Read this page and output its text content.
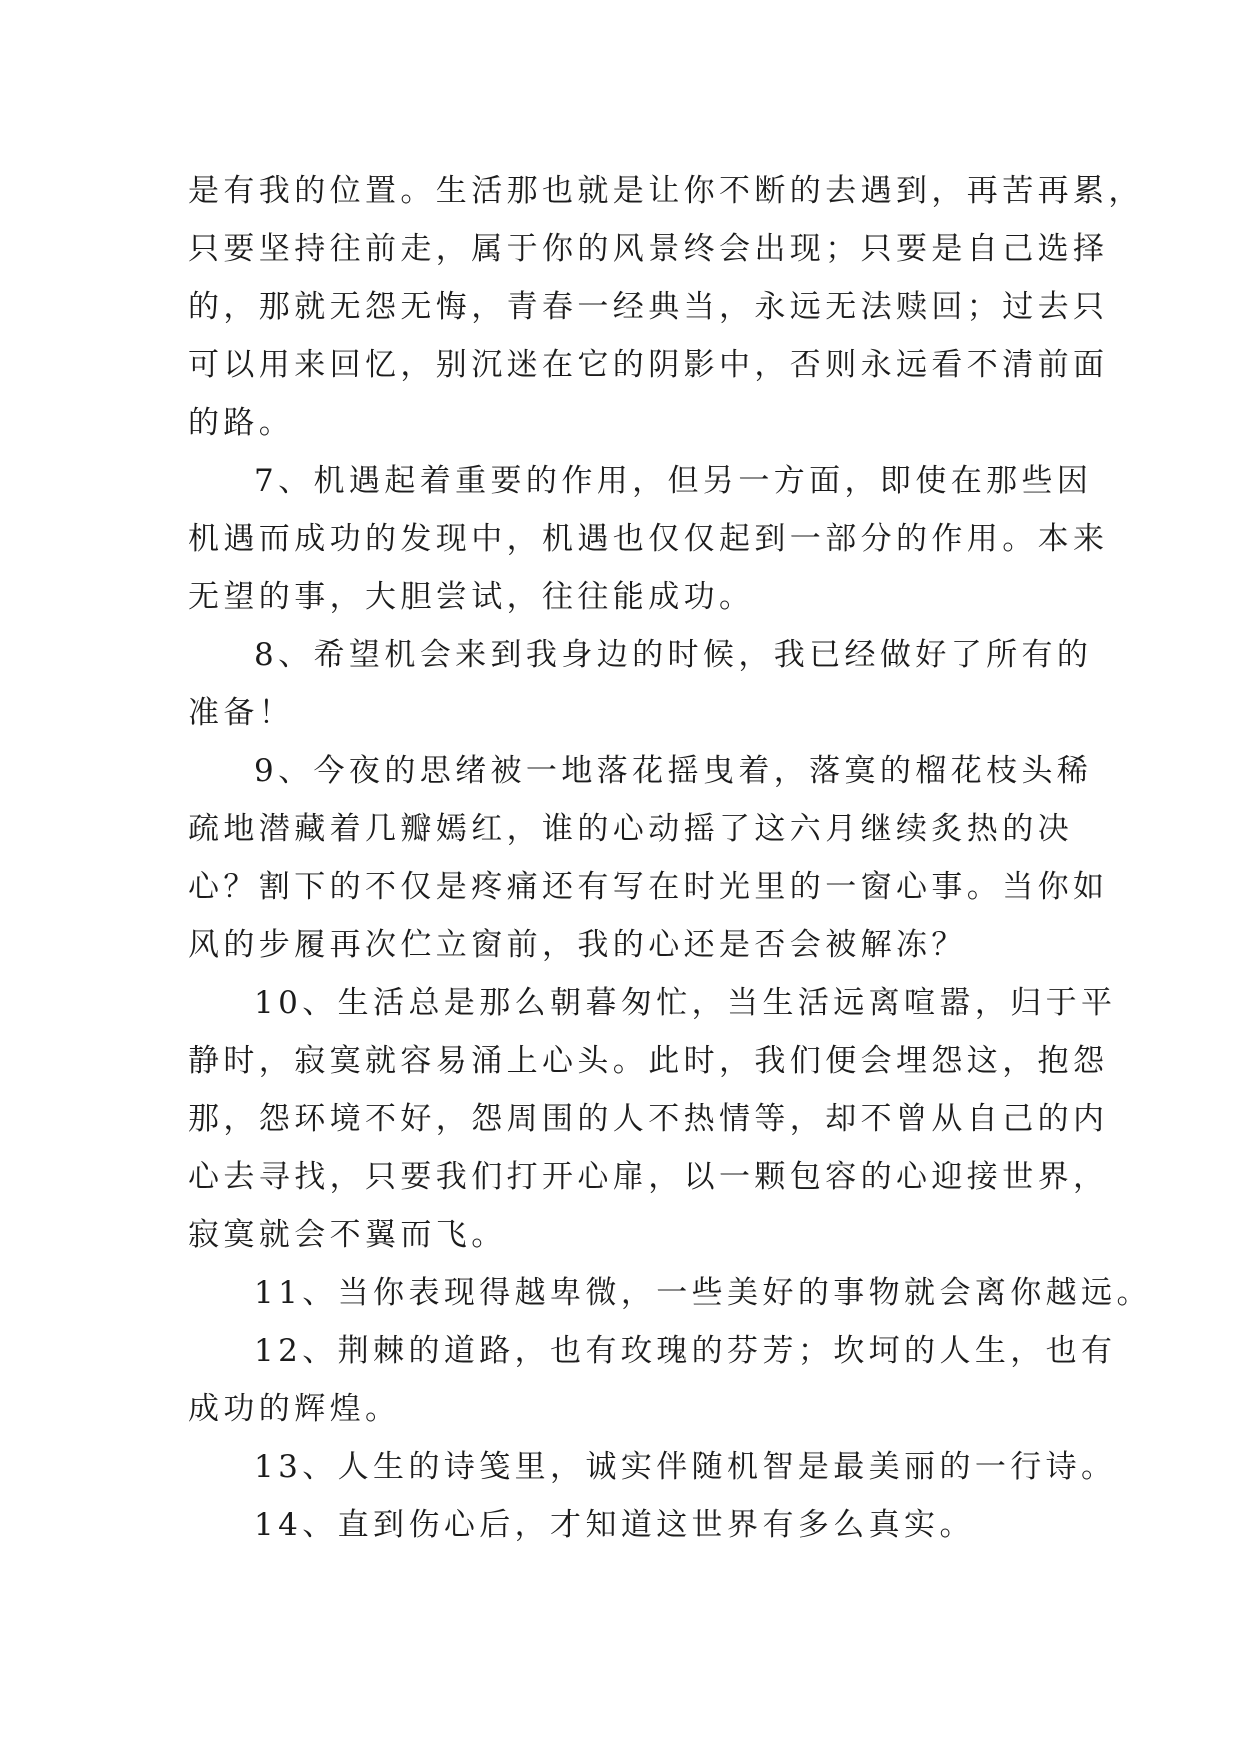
是有我的位置。生活那也就是让你不断的去遇到，再苦再累，
只要坚持往前走，属于你的风景终会出现；只要是自己选择
的，那就无怨无悔，青春一经典当，永远无法赎回；过去只
可以用来回忆，别沉迷在它的阴影中，否则永远看不清前面
的路。
7、机遇起着重要的作用，但另一方面，即使在那些因
机遇而成功的发现中，机遇也仅仅起到一部分的作用。本来
无望的事，大胆尝试，往往能成功。
8、希望机会来到我身边的时候，我已经做好了所有的
准备！
9、今夜的思绪被一地落花摇曳着，落寞的榴花枝头稀
疏地潜藏着几瓣嫣红，谁的心动摇了这六月继续炙热的决
心？割下的不仅是疼痛还有写在时光里的一窗心事。当你如
风的步履再次伫立窗前，我的心还是否会被解冻？
10、生活总是那么朝暮匆忙，当生活远离喧嚣，归于平
静时，寂寞就容易涌上心头。此时，我们便会埋怨这，抱怨
那，怨环境不好，怨周围的人不热情等，却不曾从自己的内
心去寻找，只要我们打开心扉，以一颗包容的心迎接世界，
寂寞就会不翼而飞。
11、当你表现得越卑微，一些美好的事物就会离你越远。
12、荆棘的道路，也有玫瑰的芬芳；坎坷的人生，也有
成功的辉煌。
13、人生的诗笺里，诚实伴随机智是最美丽的一行诗。
14、直到伤心后，才知道这世界有多么真实。
